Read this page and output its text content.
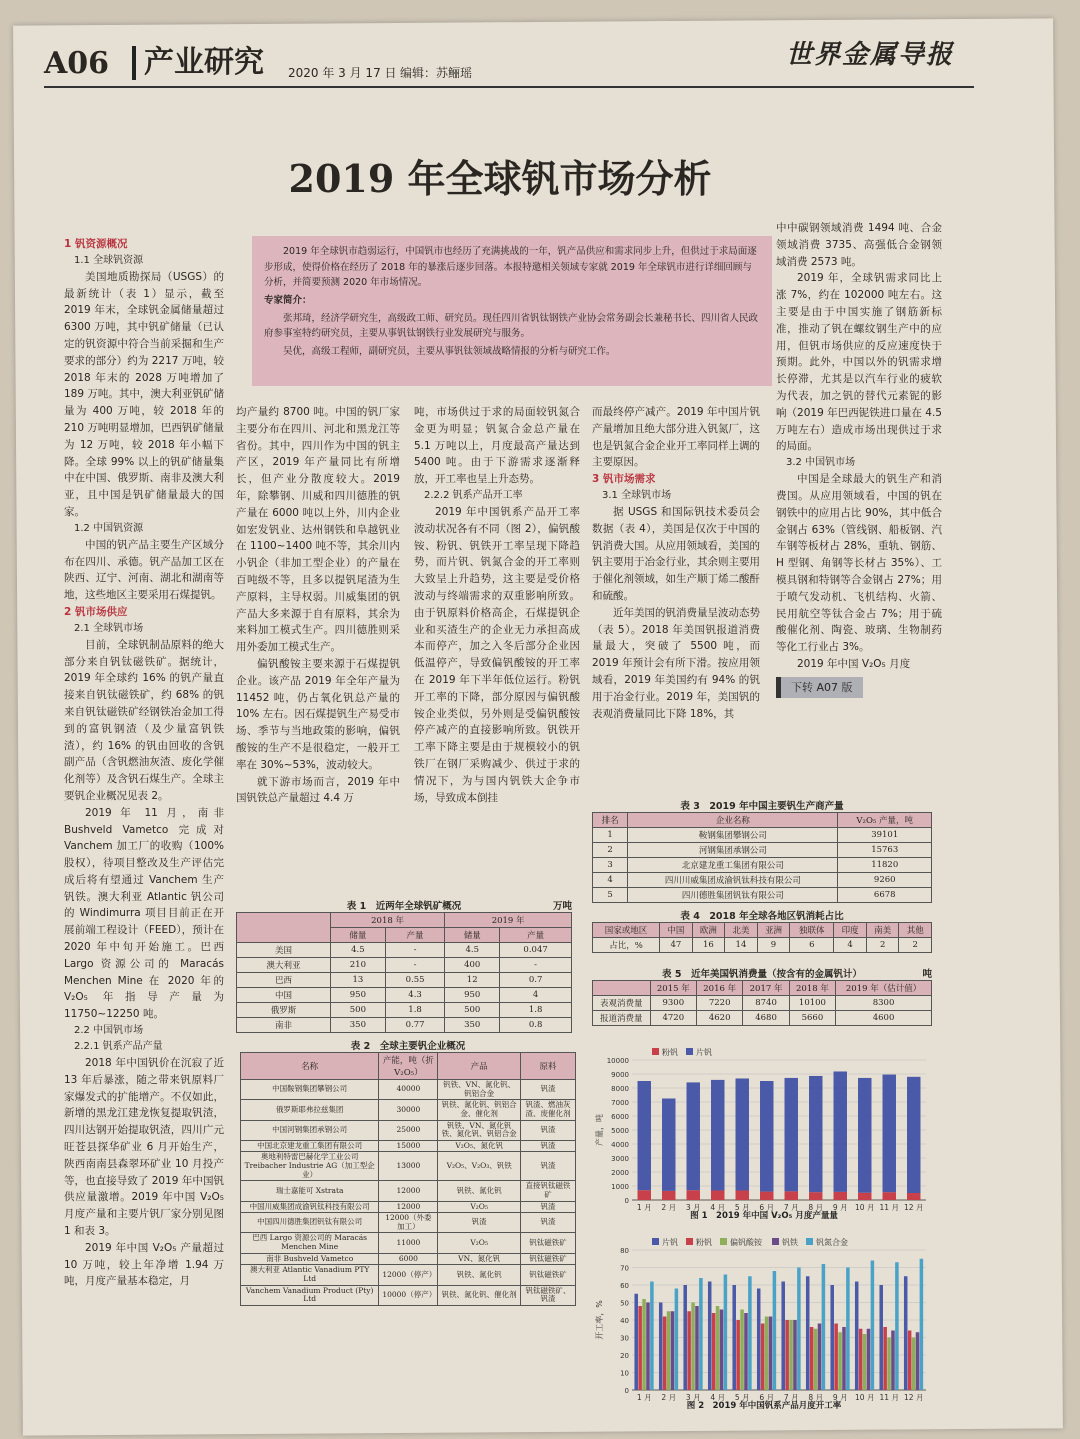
A06	产业研究 2020 年 3 月 17 日 编辑：苏鲡瑶
世界金属导报
2019 年全球钒市场分析

2019 年全球钒市趋弱运行，中国钒市也经历了充满挑战的一年，钒产品供应和需求同步上升，但供过于求局面逐步形成，使得价格在经历了 2018 年的暴涨后逐步回落。本报特邀相关领域专家就 2019 年全球钒市进行详细回顾与分析，并简要预测 2020 年市场情况。

专家简介：

张邦琦，经济学研究生，高级政工师、研究员。现任四川省钒钛钢铁产业协会常务副会长兼秘书长、四川省人民政府参事室特约研究员，主要从事钒钛钢铁行业发展研究与服务。

吴优，高级工程师，副研究员，主要从事钒钛领域战略情报的分析与研究工作。

1 钒资源概况

1.1 全球钒资源

美国地质勘探局（USGS）的最新统计（表 1）显示，截至 2019 年末，全球钒金属储量超过 6300 万吨，其中钒矿储量（已认定的钒资源中符合当前采掘和生产要求的部分）约为 2217 万吨，较 2018 年末的 2028 万吨增加了 189 万吨。其中，澳大利亚钒矿储量为 400 万吨，较 2018 年的 210 万吨明显增加，巴西钒矿储量为 12 万吨，较 2018 年小幅下降。全球 99% 以上的钒矿储量集中在中国、俄罗斯、南非及澳大利亚，且中国是钒矿储量最大的国家。

1.2 中国钒资源

中国的钒产品主要生产区域分布在四川、承德。钒产品加工区在陕西、辽宁、河南、湖北和湖南等地，这些地区主要采用石煤提钒。

2 钒市场供应

2.1 全球钒市场

目前，全球钒制品原料的绝大部分来自钒钛磁铁矿。据统计，2019 年全球约 16% 的钒产量直接来自钒钛磁铁矿，约 68% 的钒来自钒钛磁铁矿经钢铁冶金加工得到的富钒钢渣（及少量富钒铁渣），约 16% 的钒由回收的含钒副产品（含钒燃油灰渣、废化学催化剂等）及含钒石煤生产。全球主要钒企业概况见表 2。

2019 年 11 月，南非 Bushveld Vametco 完成对 Vanchem 加工厂的收购（100% 股权），待项目整改及生产评估完成后将有望通过 Vanchem 生产钒铁。澳大利亚 Atlantic 钒公司的 Windimurra 项目目前正在开展前端工程设计（FEED），预计在 2020 年中旬开始施工。巴西 Largo 资源公司的 Maracás Menchen Mine 在 2020 年的 V₂O₅ 年指导产量为 11750~12250 吨。

2.2 中国钒市场

2.2.1 钒系产品产量

2018 年中国钒价在沉寂了近 13 年后暴涨，随之带来钒原料厂家爆发式的扩能增产。不仅如此，新增的黑龙江建龙恢复提取钒渣，四川达钢开始提取钒渣，四川广元旺苍县探华矿业 6 月开始生产，陕西南南县森翠环矿业 10 月投产等，也直接导致了 2019 年中国钒供应量激增。2019 年中国 V₂O₅ 月度产量和主要片钒厂家分别见图 1 和表 3。

2019 年中国 V₂O₅ 产量超过 10 万吨，较上年净增 1.94 万吨，月度产量基本稳定，月

均产量约 8700 吨。中国的钒厂家主要分布在四川、河北和黑龙江等省份。其中，四川作为中国的钒主产区，2019 年产量同比有所增长，但产业分散度较大。2019 年，除攀钢、川威和四川德胜的钒产量在 6000 吨以上外，川内企业如宏发钒业、达州钢铁和阜越钒业在 1100~1400 吨不等，其余川内小钒企（非加工型企业）的产量在百吨级不等，且多以提钒尾渣为生产原料，主导权弱。川威集团的钒产品大多来源于自有原料，其余为来料加工模式生产。四川德胜则采用外委加工模式生产。

偏钒酸铵主要来源于石煤提钒企业。该产品 2019 年全年产量为 11452 吨，仍占氧化钒总产量的 10% 左右。因石煤提钒生产易受市场、季节与当地政策的影响，偏钒酸铵的生产不是很稳定，一般开工率在 30%~53%，波动较大。

就下游市场而言，2019 年中国钒铁总产量超过 4.4 万

吨，市场供过于求的局面较钒氮合金更为明显；钒氮合金总产量在 5.1 万吨以上，月度最高产量达到 5400 吨。由于下游需求逐渐释放，开工率也呈上升态势。

2.2.2 钒系产品开工率

2019 年中国钒系产品开工率波动状况各有不同（图 2），偏钒酸铵、粉钒、钒铁开工率呈现下降趋势，而片钒、钒氮合金的开工率则大致呈上升趋势，这主要是受价格波动与终端需求的双重影响所致。由于钒原料价格高企，石煤提钒企业和买渣生产的企业无力承担高成本而停产，加之入冬后部分企业因低温停产，导致偏钒酸铵的开工率在 2019 年下半年低位运行。粉钒开工率的下降，部分原因与偏钒酸铵企业类似，另外则是受偏钒酸铵停产减产的直接影响所致。钒铁开工率下降主要是由于规模较小的钒铁厂在钢厂采购减少、供过于求的情况下，为与国内钒铁大企争市场，导致成本倒挂

而最终停产减产。2019 年中国片钒产量增加且绝大部分进入钒氮厂，这也是钒氮合金企业开工率同样上调的主要原因。

3 钒市场需求

3.1 全球钒市场

据 USGS 和国际钒技术委员会数据（表 4），美国是仅次于中国的钒消费大国。从应用领域看，美国的钒主要用于冶金行业，其余则主要用于催化剂领域，如生产顺丁烯二酸酐和硫酸。

近年美国的钒消费量呈波动态势（表 5）。2018 年美国钒报道消费量最大，突破了 5500 吨，而 2019 年预计会有所下滑。按应用领域看，2019 年美国约有 94% 的钒用于冶金行业。2019 年，美国钒的表观消费量同比下降 18%，其

中中碳钢领域消费 1494 吨、合金领域消费 3735、高强低合金钢领域消费 2573 吨。

2019 年，全球钒需求同比上涨 7%，约在 102000 吨左右。这主要是由于中国实施了钢筋新标准，推动了钒在螺纹钢生产中的应用，但钒市场供应的反应速度快于预期。此外，中国以外的钒需求增长停滞，尤其是以汽车行业的疲软为代表，加之钒的替代元素铌的影响（2019 年巴西铌铁进口量在 4.5 万吨左右）造成市场出现供过于求的局面。

3.2 中国钒市场

中国是全球最大的钒生产和消费国。从应用领域看，中国的钒在钢铁中的应用占比 90%，其中低合金钢占 63%（管线钢、船板钢、汽车钢等板材占 28%，重轨、钢筋、H 型钢、角钢等长材占 35%）、工模具钢和特钢等合金钢占 27%；用于喷气发动机、飞机结构、火箭、民用航空等钛合金占 7%；用于硫酸催化剂、陶瓷、玻璃、生物制药等化工行业占 3%。

2019 年中国 V₂O₅ 月度

下转 A07 版
表 1　近两年全球钒矿概况	万吨
	2018 年		2019 年	
	储量	产量	储量	产量
美国	4.5	-	4.5	0.047
澳大利亚	210	-	400	-
巴西	13	0.55	12	0.7
中国	950	4.3	950	4
俄罗斯	500	1.8	500	1.8
南非	350	0.77	350	0.8
表 2　全球主要钒企业概况
名称	产能，吨（折 V₂O₅）	产品	原料
中国鞍钢集团攀钢公司	40000	钒铁、VN、氮化钒、钒铝合金	钒渣
俄罗斯耶弗拉兹集团	30000	钒铁、氮化钒、钒铝合金、催化剂	钒渣、燃油灰渣、废催化剂
中国河钢集团承钢公司	25000	钒铁、VN、氮化钒铁、氮化钒、钒铝合金	钒渣
中国北京建龙重工集团有限公司	15000	V₂O₅、氮化钒	钒渣
奥地利特雷巴赫化学工业公司 Treibacher Industrie AG（加工型企业）	13000	V₂O₅、V₂O₃、钒铁	钒渣
瑞士嘉能可 Xstrata	12000	钒铁、氮化钒	直接钒钛磁铁矿
中国川威集团成渝钒钛科技有限公司	12000	V₂O₅	钒渣
中国四川德胜集团钒钛有限公司	12000（外委加工）	钒渣	钒渣
巴西 Largo 资源公司的 Maracás Menchen Mine	11000	V₂O₅	钒钛磁铁矿
南非 Bushveld Vametco	6000	VN、氮化钒	钒钛磁铁矿
澳大利亚 Atlantic Vanadium PTY Ltd	12000（停产）	钒铁、氮化钒	钒钛磁铁矿
Vanchem Vanadium Product (Pty) Ltd	10000（停产）	钒铁、氮化钒、催化剂	钒钛磁铁矿、钒渣
表 3　2019 年中国主要钒生产商产量
排名	企业名称	V₂O₅ 产量，吨
1	鞍钢集团攀钢公司	39101
2	河钢集团承钢公司	15763
3	北京建龙重工集团有限公司	11820
4	四川川威集团成渝钒钛科技有限公司	9260
5	四川德胜集团钒钛有限公司	6678
表 4　2018 年全球各地区钒消耗占比
国家或地区	中国	欧洲	北美	亚洲	独联体	印度	南美	其他
占比，%	47	16	14	9	6	4	2	2
表 5　近年美国钒消费量（按含有的金属钒计）	吨
	2015 年	2016 年	2017 年	2018 年	2019 年（估计值）
表观消费量	9300	7220	8740	10100	8300
报道消费量	4720	4620	4680	5660	4600
粉钒 片钒
0
1000
2000
3000
4000
5000
6000
7000
8000
9000
10000
产量，吨
1 月 2 月 3 月 4 月 5 月 6 月 7 月 8 月 9 月 10 月 11 月 12 月
图 1　2019 年中国 V₂O₅ 月度产量量
片钒 粉钒 偏钒酸铵	钒铁 钒氮合金
0
10
20
30
40
50
60
70
80
开工率，%
1 月 2 月 3 月 4 月 5 月 6 月 7 月 8 月 9 月 10 月 11 月 12 月
图 2　2019 年中国钒系产品月度开工率
